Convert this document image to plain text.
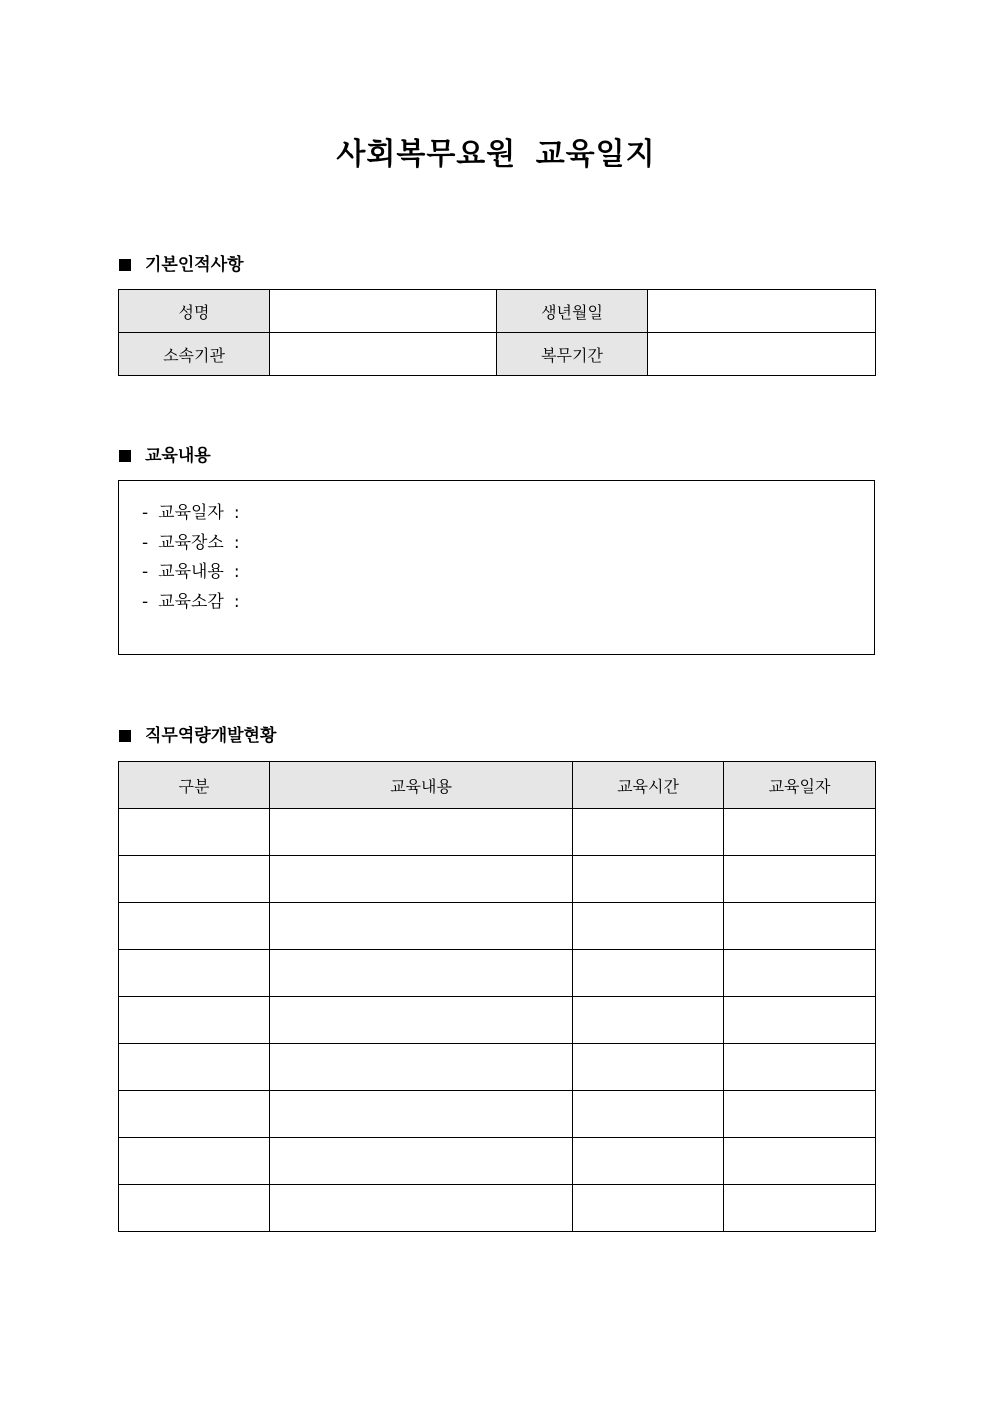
사회복무요원 교육일지
기본인적사항
성명		생년월일	
소속기관		복무기간	
교육내용
- 교육일자 :
- 교육장소 :
- 교육내용 :
- 교육소감 :
직무역량개발현황
구분	교육내용	교육시간	교육일자
